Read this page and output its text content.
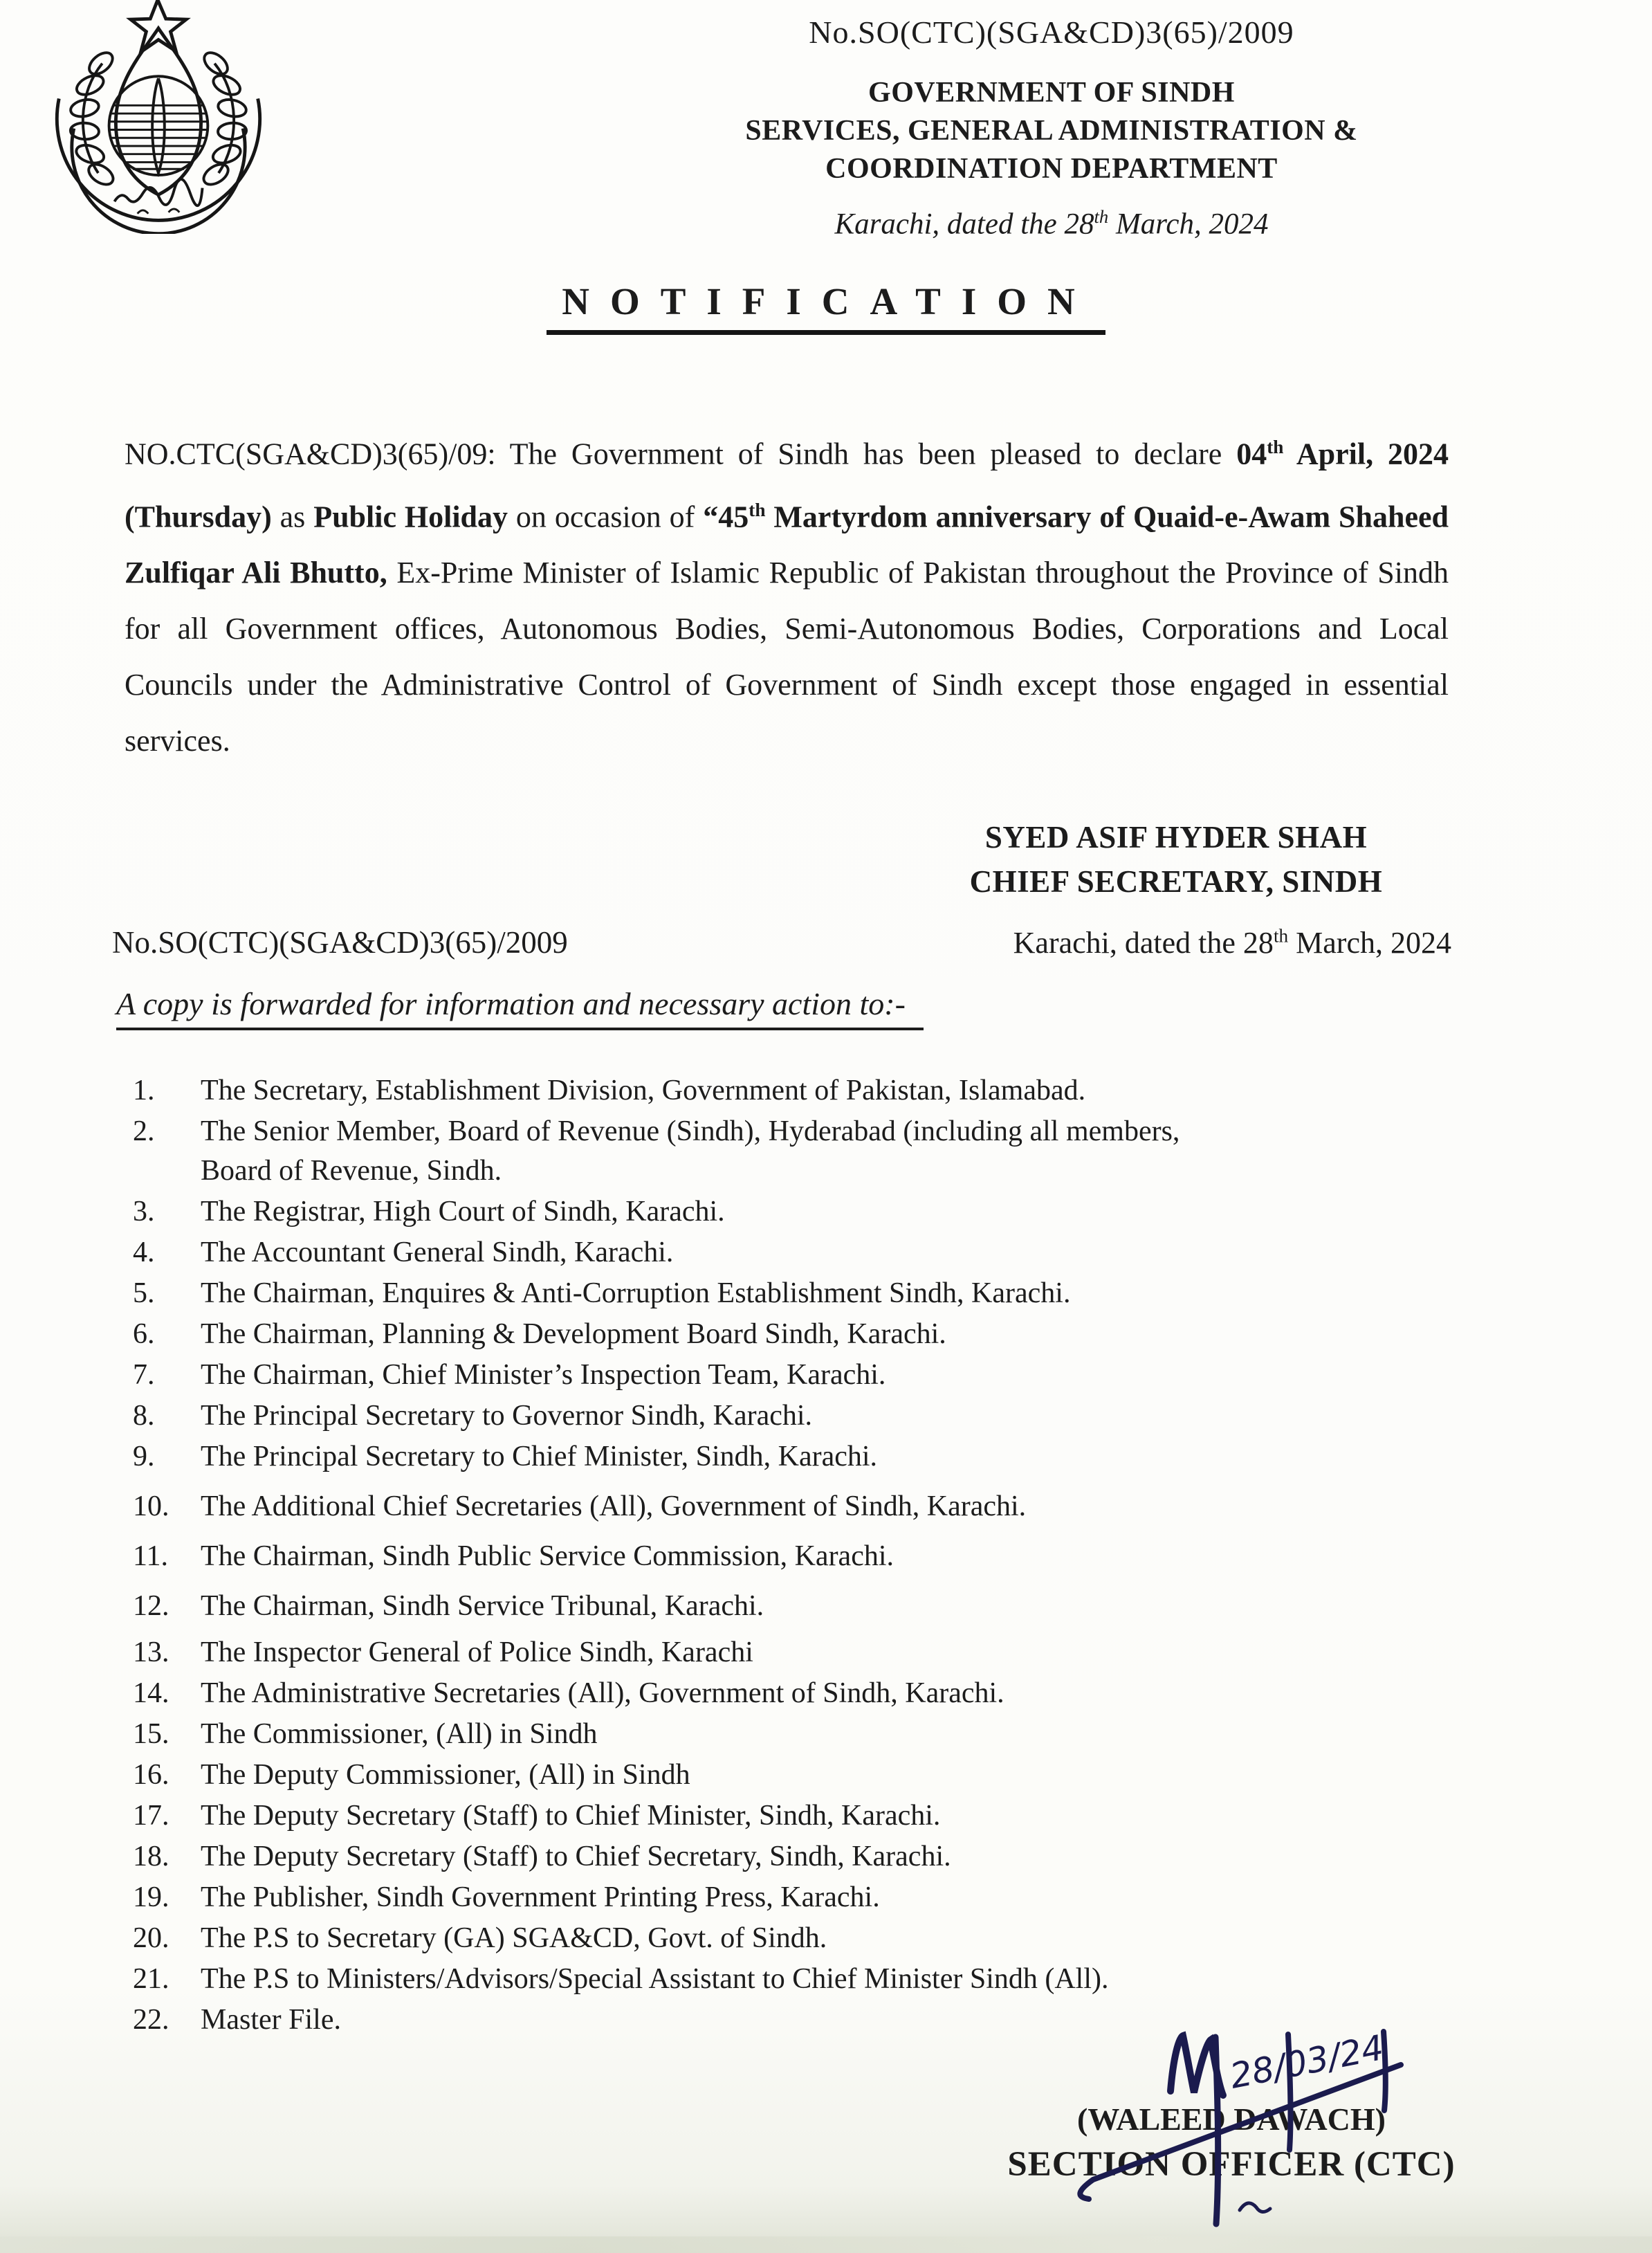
No.SO(CTC)(SGA&CD)3(65)/2009
GOVERNMENT OF SINDH
SERVICES, GENERAL ADMINISTRATION &
COORDINATION DEPARTMENT
Karachi, dated the 28th March, 2024
NOTIFICATION

NO.CTC(SGA&CD)3(65)/09: The Government of Sindh has been pleased to declare 04th April, 2024 (Thursday) as Public Holiday on occasion of “45th Martyrdom anniversary of Quaid-e-Awam Shaheed Zulfiqar Ali Bhutto, Ex-Prime Minister of Islamic Republic of Pakistan throughout the Province of Sindh for all Government offices, Autonomous Bodies, Semi-Autonomous Bodies, Corporations and Local Councils under the Administrative Control of Government of Sindh except those engaged in essential services.

SYED ASIF HYDER SHAH
CHIEF SECRETARY, SINDH
No.SO(CTC)(SGA&CD)3(65)/2009	Karachi, dated the 28th March, 2024
A copy is forwarded for information and necessary action to:-
1.	The Secretary, Establishment Division, Government of Pakistan, Islamabad.
2.	The Senior Member, Board of Revenue (Sindh), Hyderabad (including all members,
Board of Revenue, Sindh.
3.	The Registrar, High Court of Sindh, Karachi.
4.	The Accountant General Sindh, Karachi.
5.	The Chairman, Enquires & Anti-Corruption Establishment Sindh, Karachi.
6.	The Chairman, Planning & Development Board Sindh, Karachi.
7.	The Chairman, Chief Minister’s Inspection Team, Karachi.
8.	The Principal Secretary to Governor Sindh, Karachi.
9.	The Principal Secretary to Chief Minister, Sindh, Karachi.
10.	The Additional Chief Secretaries (All), Government of Sindh, Karachi.
11.	The Chairman, Sindh Public Service Commission, Karachi.
12.	The Chairman, Sindh Service Tribunal, Karachi.
13.	The Inspector General of Police Sindh, Karachi
14.	The Administrative Secretaries (All), Government of Sindh, Karachi.
15.	The Commissioner, (All) in Sindh
16.	The Deputy Commissioner, (All) in Sindh
17.	The Deputy Secretary (Staff) to Chief Minister, Sindh, Karachi.
18.	The Deputy Secretary (Staff) to Chief Secretary, Sindh, Karachi.
19.	The Publisher, Sindh Government Printing Press, Karachi.
20.	The P.S to Secretary (GA) SGA&CD, Govt. of Sindh.
21.	The P.S to Ministers/Advisors/Special Assistant to Chief Minister Sindh (All).
22.	Master File.
28/03/24
(WALEED DAWACH)
SECTION OFFICER (CTC)
